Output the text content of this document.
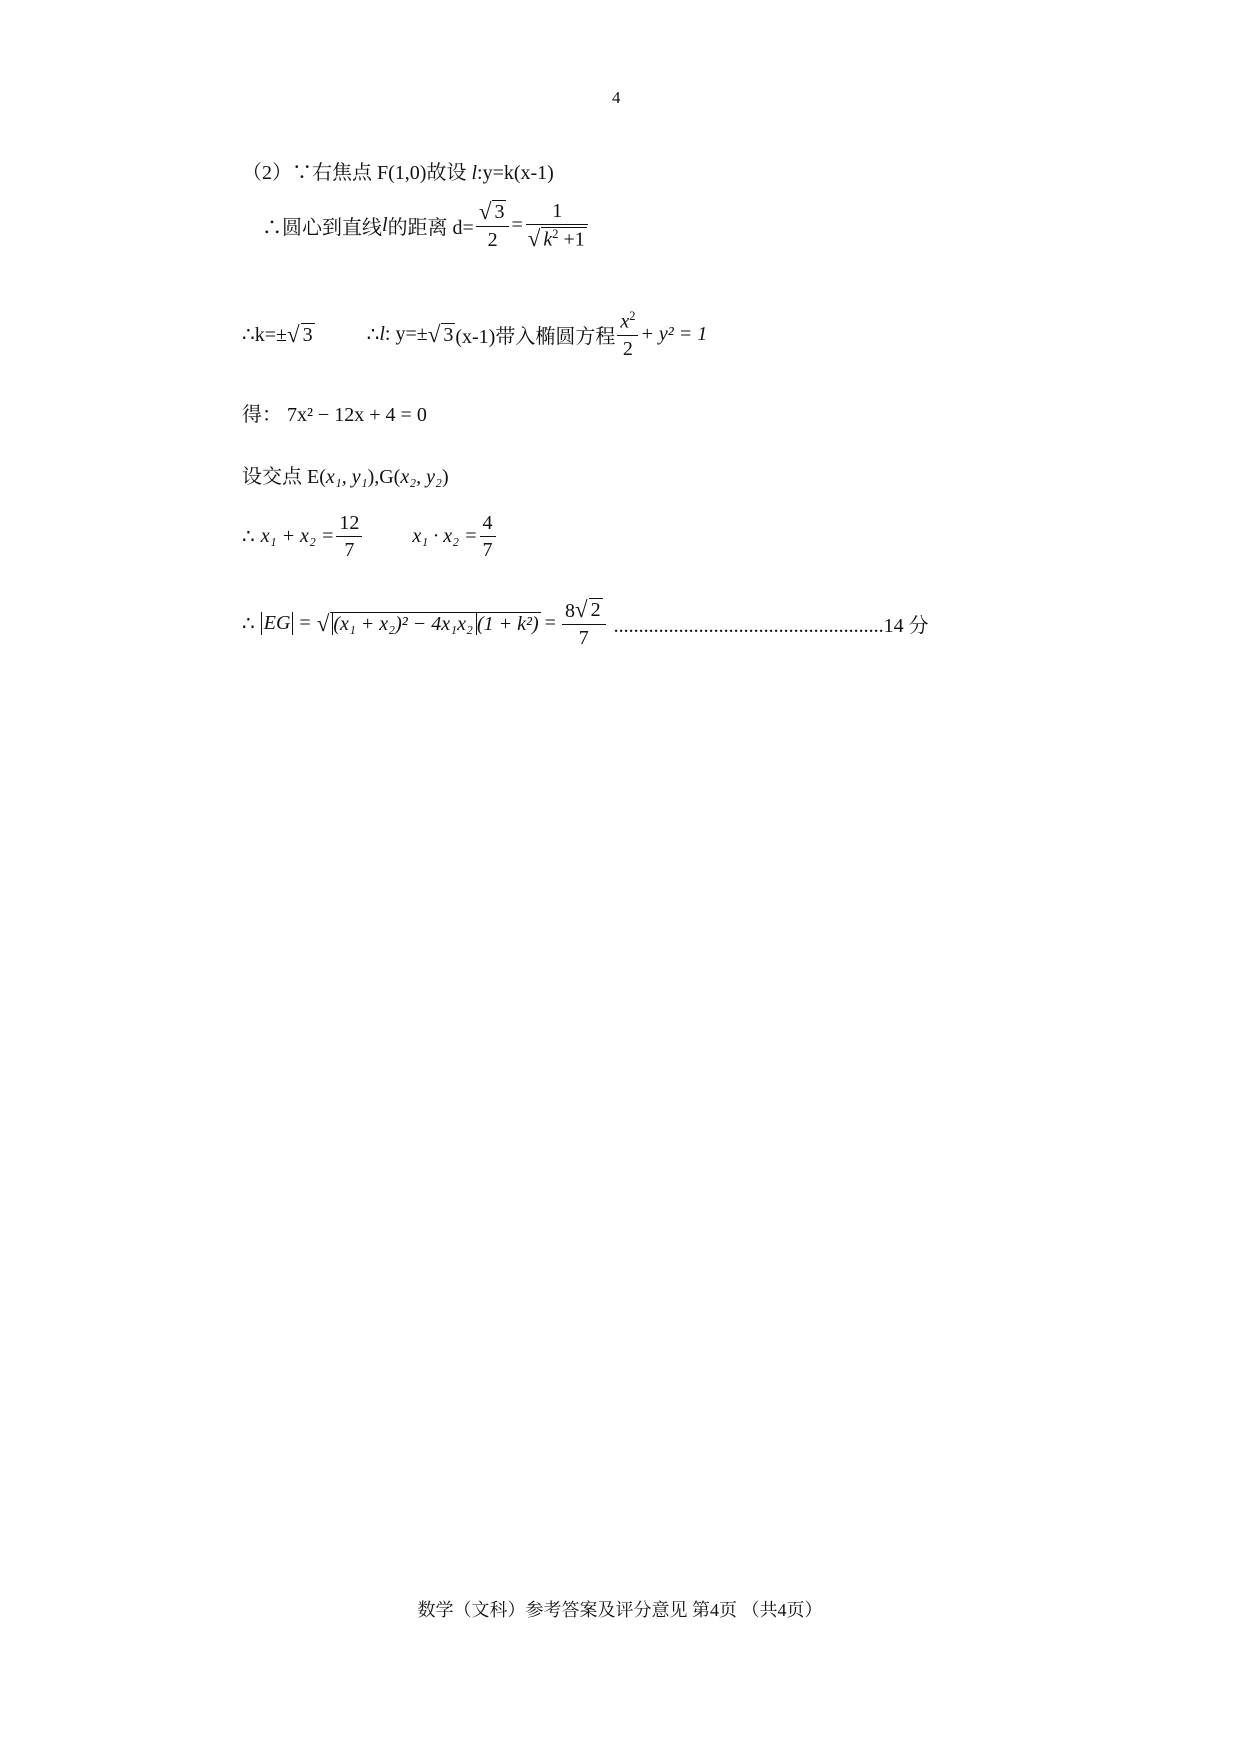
4
（2）∵右焦点 F(1,0)故设 l:y=k(x-1)
∴圆心到直线 l 的距离 $d= \frac{√ 3}{2} = \frac{1}{√ k^2 +1}$
∴k=± √ 3	∴ l : y=± √ 3 (x-1)带入椭圆方程 $\frac{x^2}{2} + y^2 = 1$
得： 7x² − 12x + 4 = 0
设交点 E(x₁, y₁),G(x₂, y₂)
∴ $x_1 + x_2 = \frac{12}{7}$	$x_1 \cdot x_2 = \frac{4}{7}$
∴ EG = √ (x₁ + x₂)² − 4x₁x₂ $(1 + k^2) = \frac{8 √ 2}{7} ......................................................14$ 分
数学（文科）参考答案及评分意见 第4页 （共4页）
